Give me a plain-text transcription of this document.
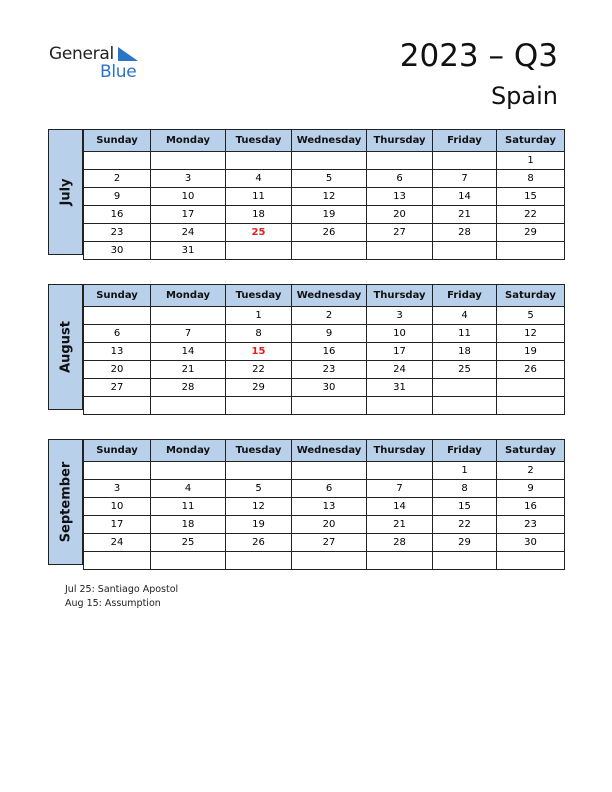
General
Blue	2023 – Q3
Spain
July
Sunday	Monday	Tuesday	Wednesday	Thursday	Friday	Saturday
						1
2	3	4	5	6	7	8
9	10	11	12	13	14	15
16	17	18	19	20	21	22
23	24	25	26	27	28	29
30	31					
August
Sunday	Monday	Tuesday	Wednesday	Thursday	Friday	Saturday
		1	2	3	4	5
6	7	8	9	10	11	12
13	14	15	16	17	18	19
20	21	22	23	24	25	26
27	28	29	30	31		

September
Sunday	Monday	Tuesday	Wednesday	Thursday	Friday	Saturday
					1	2
3	4	5	6	7	8	9
10	11	12	13	14	15	16
17	18	19	20	21	22	23
24	25	26	27	28	29	30

Jul 25: Santiago Apostol
Aug 15: Assumption
